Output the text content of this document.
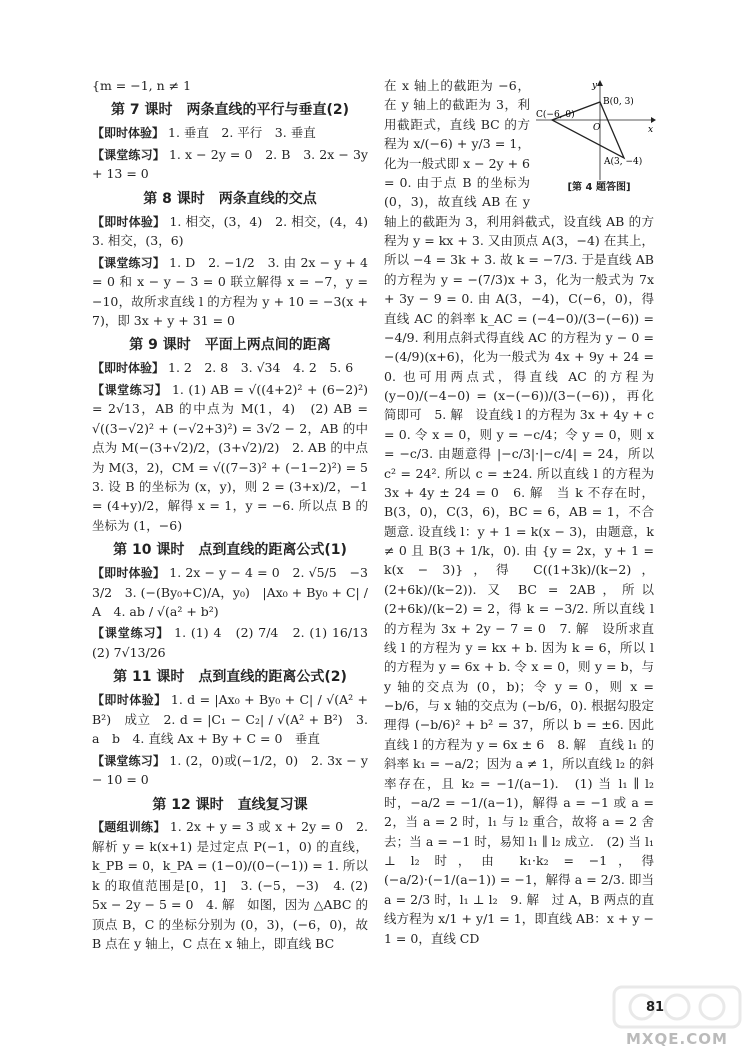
{m = −1, n ≠ 1

第 7 课时　两条直线的平行与垂直(2)

【即时体验】 1. 垂直　2. 平行　3. 垂直

【课堂练习】 1. x − 2y = 0　2. B　3. 2x − 3y + 13 = 0

第 8 课时　两条直线的交点

【即时体验】 1. 相交，(3，4)　2. 相交，(4，4)　3. 相交，(3，6)

【课堂练习】 1. D　2. −1/2　3. 由 2x − y + 4 = 0 和 x − y − 3 = 0 联立解得 x = −7，y = −10，故所求直线 l 的方程为 y + 10 = −3(x + 7)，即 3x + y + 31 = 0

第 9 课时　平面上两点间的距离

【即时体验】 1. 2　2. 8　3. √34　4. 2　5. 6

【课堂练习】 1. (1) AB = √((4+2)² + (6−2)²) = 2√13，AB 的中点为 M(1，4)　(2) AB = √((3−√2)² + (−√2+3)²) = 3√2 − 2，AB 的中点为 M(−(3+√2)/2，(3+√2)/2)　2. AB 的中点为 M(3，2)，CM = √((7−3)² + (−1−2)²) = 5　3. 设 B 的坐标为 (x，y)，则 2 = (3+x)/2，−1 = (4+y)/2，解得 x = 1，y = −6. 所以点 B 的坐标为 (1，−6)

第 10 课时　点到直线的距离公式(1)

【即时体验】 1. 2x − y − 4 = 0　2. √5/5　−3　3/2　3. (−(By₀+C)/A，y₀)　|Ax₀ + By₀ + C| / A　4. ab / √(a² + b²)

【课堂练习】 1. (1) 4　(2) 7/4　2. (1) 16/13　(2) 7√13/26

第 11 课时　点到直线的距离公式(2)

【即时体验】 1. d = |Ax₀ + By₀ + C| / √(A² + B²)　成立　2. d = |C₁ − C₂| / √(A² + B²)　3. a　b　4. 直线 Ax + By + C = 0　垂直

【课堂练习】 1. (2，0)或(−1/2，0)　2. 3x − y − 10 = 0

第 12 课时　直线复习课

【题组训练】 1. 2x + y = 3 或 x + 2y = 0　2. 解析 y = k(x+1) 是过定点 P(−1，0) 的直线，k_PB = 0，k_PA = (1−0)/(0−(−1)) = 1. 所以 k 的取值范围是[0，1]　3. (−5，−3)　4. (2) 5x − 2y − 5 = 0　4. 解　如图，因为 △ABC 的顶点 B，C 的坐标分别为 (0，3)，(−6，0)，故 B 点在 y 轴上，C 点在 x 轴上，即直线 BC

在 x 轴上的截距为 −6，在 y 轴上的截距为 3，利用截距式，直线 BC 的方程为 x/(−6) + y/3 = 1，化为一般式即 x − 2y + 6 = 0. 由于点 B 的坐标为 (0，3)，故直线 AB 在 y 轴上的截距为 3，利用斜截式，设直线 AB 的方程为 y = kx + 3. 又由顶点 A(3，−4) 在其上，所以 −4 = 3k + 3. 故 k = −7/3. 于是直线 AB 的方程为 y = −(7/3)x + 3，化为一般式为 7x + 3y − 9 = 0. 由 A(3，−4)，C(−6，0)，得直线 AC 的斜率 k_AC = (−4−0)/(3−(−6)) = −4/9. 利用点斜式得直线 AC 的方程为 y − 0 = −(4/9)(x+6)，化为一般式为 4x + 9y + 24 = 0. 也可用两点式，得直线 AC 的方程为 (y−0)/(−4−0) = (x−(−6))/(3−(−6))，再化简即可　5. 解　设直线 l 的方程为 3x + 4y + c = 0. 令 x = 0，则 y = −c/4；令 y = 0，则 x = −c/3. 由题意得 |−c/3|·|−c/4| = 24，所以 c² = 24². 所以 c = ±24. 所以直线 l 的方程为 3x + 4y ± 24 = 0　6. 解　当 k 不存在时，B(3，0)，C(3，6)，BC = 6，AB = 1，不合题意. 设直线 l：y + 1 = k(x − 3)，由题意，k ≠ 0 且 B(3 + 1/k，0). 由 {y = 2x，y + 1 = k(x − 3)}，得 C((1+3k)/(k−2)，(2+6k)/(k−2)). 又 BC = 2AB，所以 (2+6k)/(k−2) = 2，得 k = −3/2. 所以直线 l 的方程为 3x + 2y − 7 = 0　7. 解　设所求直线 l 的方程为 y = kx + b. 因为 k = 6，所以 l 的方程为 y = 6x + b. 令 x = 0，则 y = b，与 y 轴的交点为 (0，b)；令 y = 0，则 x = −b/6，与 x 轴的交点为 (−b/6，0). 根据勾股定理得 (−b/6)² + b² = 37，所以 b = ±6. 因此直线 l 的方程为 y = 6x ± 6　8. 解　直线 l₁ 的斜率 k₁ = −a/2；因为 a ≠ 1，所以直线 l₂ 的斜率存在，且 k₂ = −1/(a−1).　(1) 当 l₁ ∥ l₂ 时，−a/2 = −1/(a−1)，解得 a = −1 或 a = 2，当 a = 2 时，l₁ 与 l₂ 重合，故将 a = 2 舍去；当 a = −1 时，易知 l₁ ∥ l₂ 成立.　(2) 当 l₁ ⊥ l₂ 时，由 k₁·k₂ = −1，得 (−a/2)·(−1/(a−1)) = −1，解得 a = 2/3. 即当 a = 2/3 时，l₁ ⊥ l₂　9. 解　过 A，B 两点的直线方程为 x/1 + y/1 = 1，即直线 AB：x + y − 1 = 0，直线 CD

y
x
B(0, 3)
C(−6, 0)
O
A(3, −4)
[第 4 题答图]
MXQE.COM
81
